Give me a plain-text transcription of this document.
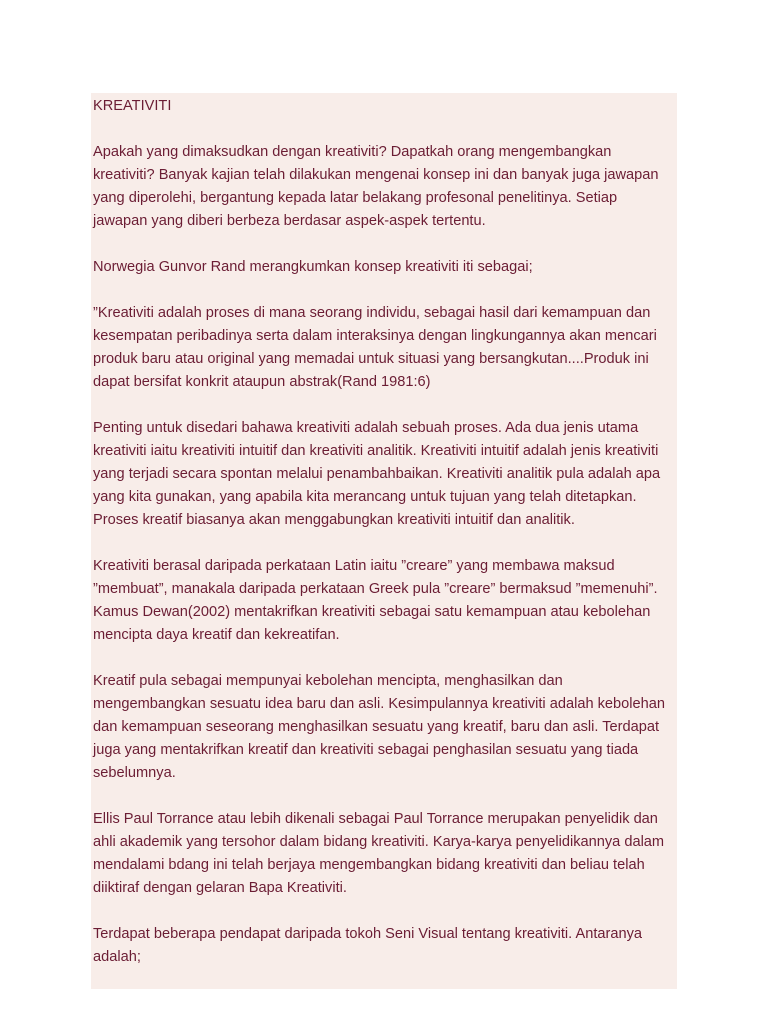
KREATIVITI

Apakah yang dimaksudkan dengan kreativiti? Dapatkah orang mengembangkan kreativiti? Banyak kajian telah dilakukan mengenai konsep ini dan banyak juga jawapan yang diperolehi, bergantung kepada latar belakang profesonal penelitinya. Setiap jawapan yang diberi berbeza berdasar aspek-aspek tertentu.

Norwegia Gunvor Rand merangkumkan konsep kreativiti iti sebagai;

”Kreativiti adalah proses di mana seorang individu, sebagai hasil dari kemampuan dan kesempatan peribadinya serta dalam interaksinya dengan lingkungannya akan mencari produk baru atau original yang memadai untuk situasi yang bersangkutan....Produk ini dapat bersifat konkrit ataupun abstrak(Rand 1981:6)

Penting untuk disedari bahawa kreativiti adalah sebuah proses. Ada dua jenis utama kreativiti iaitu kreativiti intuitif dan kreativiti analitik. Kreativiti intuitif adalah jenis kreativiti yang terjadi secara spontan melalui penambahbaikan. Kreativiti analitik pula adalah apa yang kita gunakan, yang apabila kita merancang untuk tujuan yang telah ditetapkan. Proses kreatif biasanya akan menggabungkan kreativiti intuitif dan analitik.

Kreativiti berasal daripada perkataan Latin iaitu ”creare” yang membawa maksud ”membuat”, manakala daripada perkataan Greek pula ”creare” bermaksud ”memenuhi”. Kamus Dewan(2002) mentakrifkan kreativiti sebagai satu kemampuan atau kebolehan mencipta daya kreatif dan kekreatifan.

Kreatif pula sebagai mempunyai kebolehan mencipta, menghasilkan dan mengembangkan sesuatu idea baru dan asli. Kesimpulannya kreativiti adalah kebolehan dan kemampuan seseorang menghasilkan sesuatu yang kreatif, baru dan asli. Terdapat juga yang mentakrifkan kreatif dan kreativiti sebagai penghasilan sesuatu yang tiada sebelumnya.

Ellis Paul Torrance atau lebih dikenali sebagai Paul Torrance merupakan penyelidik dan ahli akademik yang tersohor dalam bidang kreativiti. Karya-karya penyelidikannya dalam mendalami bdang ini telah berjaya mengembangkan bidang kreativiti dan beliau telah diiktiraf dengan gelaran Bapa Kreativiti.

Terdapat beberapa pendapat daripada tokoh Seni Visual tentang kreativiti. Antaranya adalah;
